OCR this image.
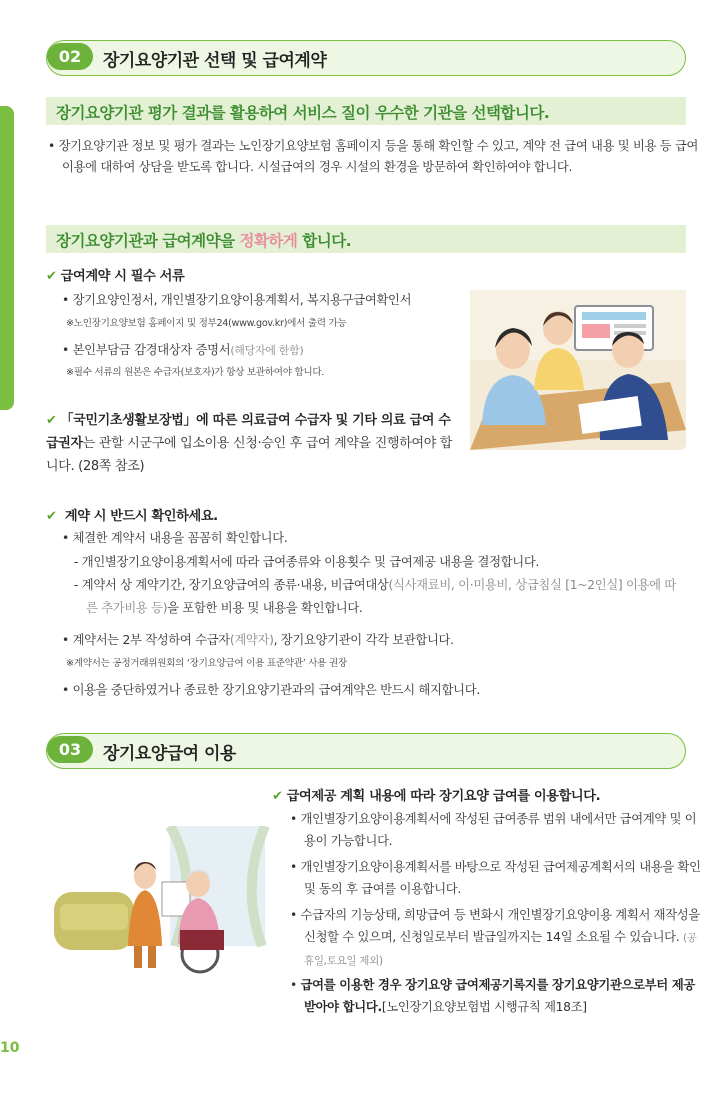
02	장기요양기관 선택 및 급여계약
장기요양기관 평가 결과를 활용하여 서비스 질이 우수한 기관을 선택합니다.
• 장기요양기관 정보 및 평가 결과는 노인장기요양보험 홈페이지 등을 통해 확인할 수 있고, 계약 전 급여 내용 및 비용 등 급여이용에 대하여 상담을 받도록 합니다. 시설급여의 경우 시설의 환경을 방문하여 확인하여야 합니다.
장기요양기관과 급여계약을 정확하게 합니다.
✔ 급여계약 시 필수 서류
• 장기요양인정서, 개인별장기요양이용계획서, 복지용구급여확인서
※노인장기요양보험 홈페이지 및 정부24(www.gov.kr)에서 출력 가능
• 본인부담금 감경대상자 증명서(해당자에 한함)
※필수 서류의 원본은 수급자(보호자)가 항상 보관하여야 합니다.
✔ 「국민기초생활보장법」에 따른 의료급여 수급자 및 기타 의료 급여 수급권자는 관할 시군구에 입소이용 신청·승인 후 급여 계약을 진행하여야 합니다. (28쪽 참조)
✔ 계약 시 반드시 확인하세요.
• 체결한 계약서 내용을 꼼꼼히 확인합니다.
- 개인별장기요양이용계획서에 따라 급여종류와 이용횟수 및 급여제공 내용을 결정합니다.
- 계약서 상 계약기간, 장기요양급여의 종류·내용, 비급여대상(식사재료비, 이·미용비, 상급침실 [1~2인실] 이용에 따른 추가비용 등)을 포함한 비용 및 내용을 확인합니다.
• 계약서는 2부 작성하여 수급자(계약자), 장기요양기관이 각각 보관합니다.
※계약서는 공정거래위원회의 ‘장기요양급여 이용 표준약관’ 사용 권장
• 이용을 중단하였거나 종료한 장기요양기관과의 급여계약은 반드시 해지합니다.
03	장기요양급여 이용
✔ 급여제공 계획 내용에 따라 장기요양 급여를 이용합니다.
• 개인별장기요양이용계획서에 작성된 급여종류 범위 내에서만 급여계약 및 이용이 가능합니다.
• 개인별장기요양이용계획서를 바탕으로 작성된 급여제공계획서의 내용을 확인 및 동의 후 급여를 이용합니다.
• 수급자의 기능상태, 희망급여 등 변화시 개인별장기요양이용 계획서 재작성을 신청할 수 있으며, 신청일로부터 발급일까지는 14일 소요될 수 있습니다. (공휴일,토요일 제외)
• 급여를 이용한 경우 장기요양 급여제공기록지를 장기요양기관으로부터 제공받아야 합니다.[노인장기요양보험법 시행규칙 제18조]
10
